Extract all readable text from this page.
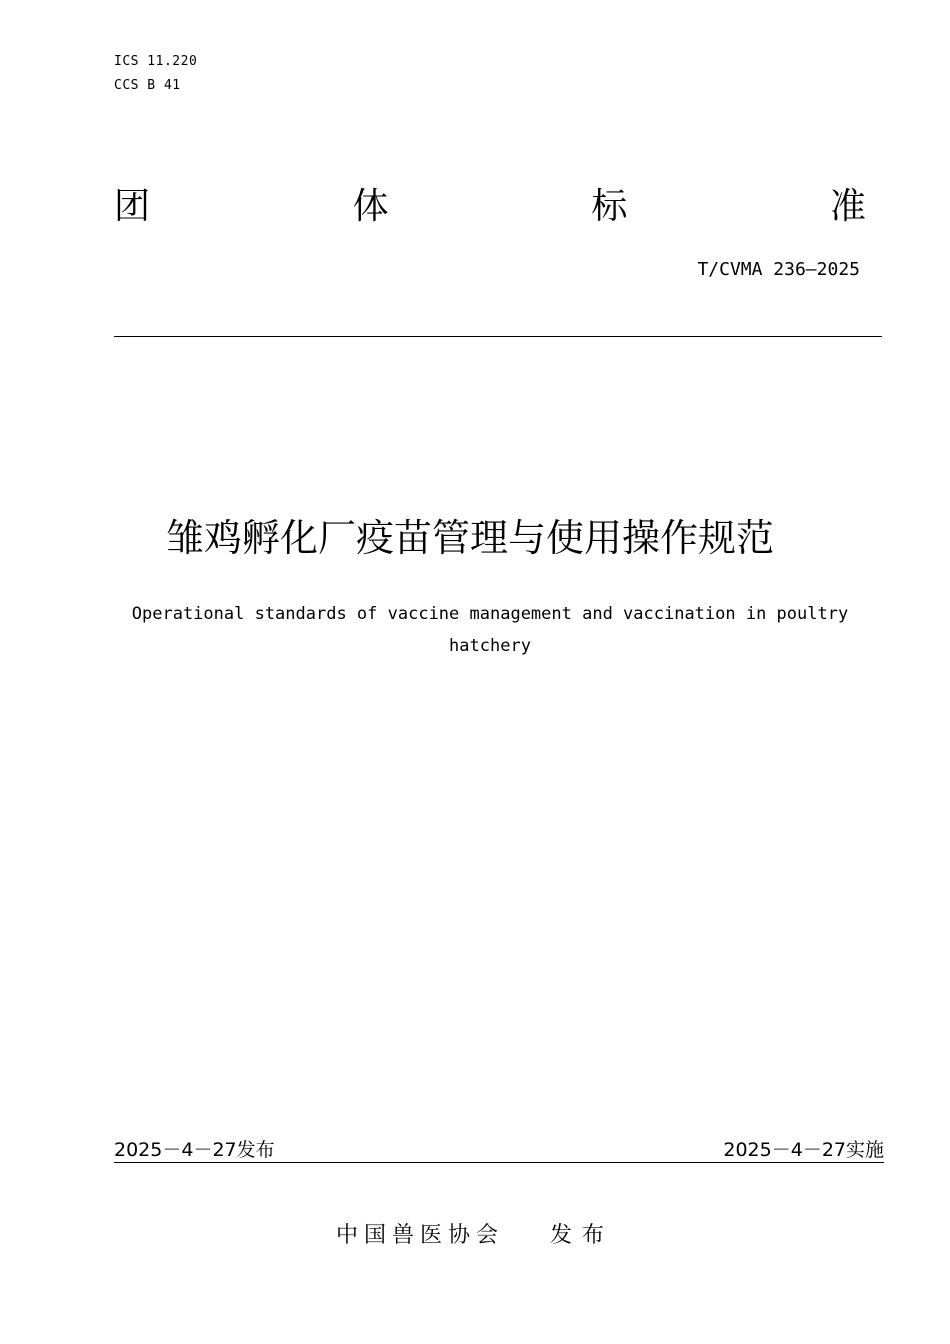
ICS 11.220
CCS B 41
团	体	标	准
T/CVMA 236—2025
雏鸡孵化厂疫苗管理与使用操作规范
Operational standards of vaccine management and vaccination in poultry hatchery
2025－4－27发布	2025－4－27实施
中国兽医协会 发布
